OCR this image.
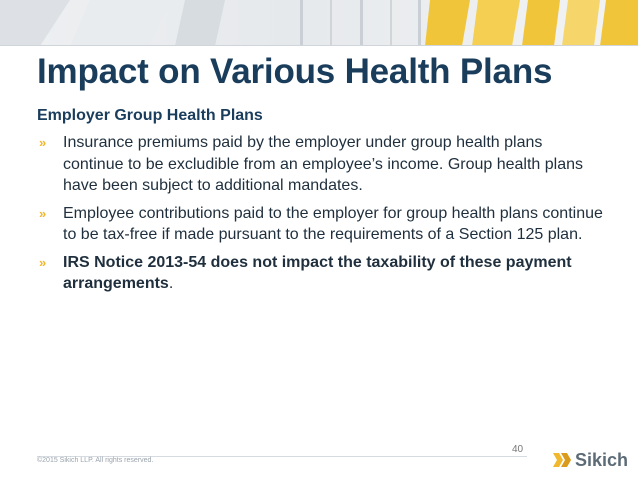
Impact on Various Health Plans
Employer Group Health Plans
» Insurance premiums paid by the employer under group health plans continue to be excludible from an employee’s income. Group health plans have been subject to additional mandates.
» Employee contributions paid to the employer for group health plans continue to be tax-free if made pursuant to the requirements of a Section 125 plan.
» IRS Notice 2013-54 does not impact the taxability of these payment arrangements.
40
©2015 Sikich LLP. All rights reserved.	Sikich
